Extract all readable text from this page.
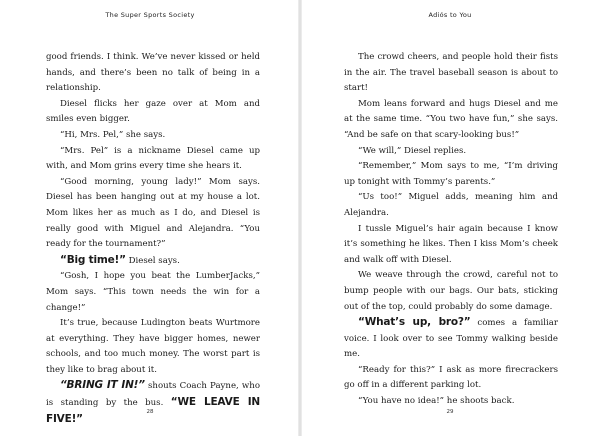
The Super Sports Society

good friends. I think. We’ve never kissed or held hands, and there’s been no talk of being in a relationship.

Diesel flicks her gaze over at Mom and smiles even bigger.

“Hi, Mrs. Pel,” she says.

“Mrs. Pel” is a nickname Diesel came up with, and Mom grins every time she hears it.

“Good morning, young lady!” Mom says. Diesel has been hanging out at my house a lot. Mom likes her as much as I do, and Diesel is really good with Miguel and Alejandra. “You ready for the tournament?”

“Big time!” Diesel says.

“Gosh, I hope you beat the LumberJacks,” Mom says. “This town needs the win for a change!”

It’s true, because Ludington beats Wurtmore at everything. They have bigger homes, newer schools, and too much money. The worst part is they like to brag about it.

“BRING IT IN!” shouts Coach Payne, who is standing by the bus. “WE LEAVE IN FIVE!”

28
Adiós to You

The crowd cheers, and people hold their fists in the air. The travel baseball season is about to start!

Mom leans forward and hugs Diesel and me at the same time. “You two have fun,” she says. “And be safe on that scary-looking bus!”

“We will,” Diesel replies.

“Remember,” Mom says to me, “I’m driving up tonight with Tommy’s parents.”

“Us too!” Miguel adds, meaning him and Alejandra.

I tussle Miguel’s hair again because I know it’s something he likes. Then I kiss Mom’s cheek and walk off with Diesel.

We weave through the crowd, careful not to bump people with our bags. Our bats, sticking out of the top, could probably do some damage.

“What’s up, bro?” comes a familiar voice. I look over to see Tommy walking beside me.

“Ready for this?” I ask as more firecrackers go off in a different parking lot.

“You have no idea!” he shoots back.

29
